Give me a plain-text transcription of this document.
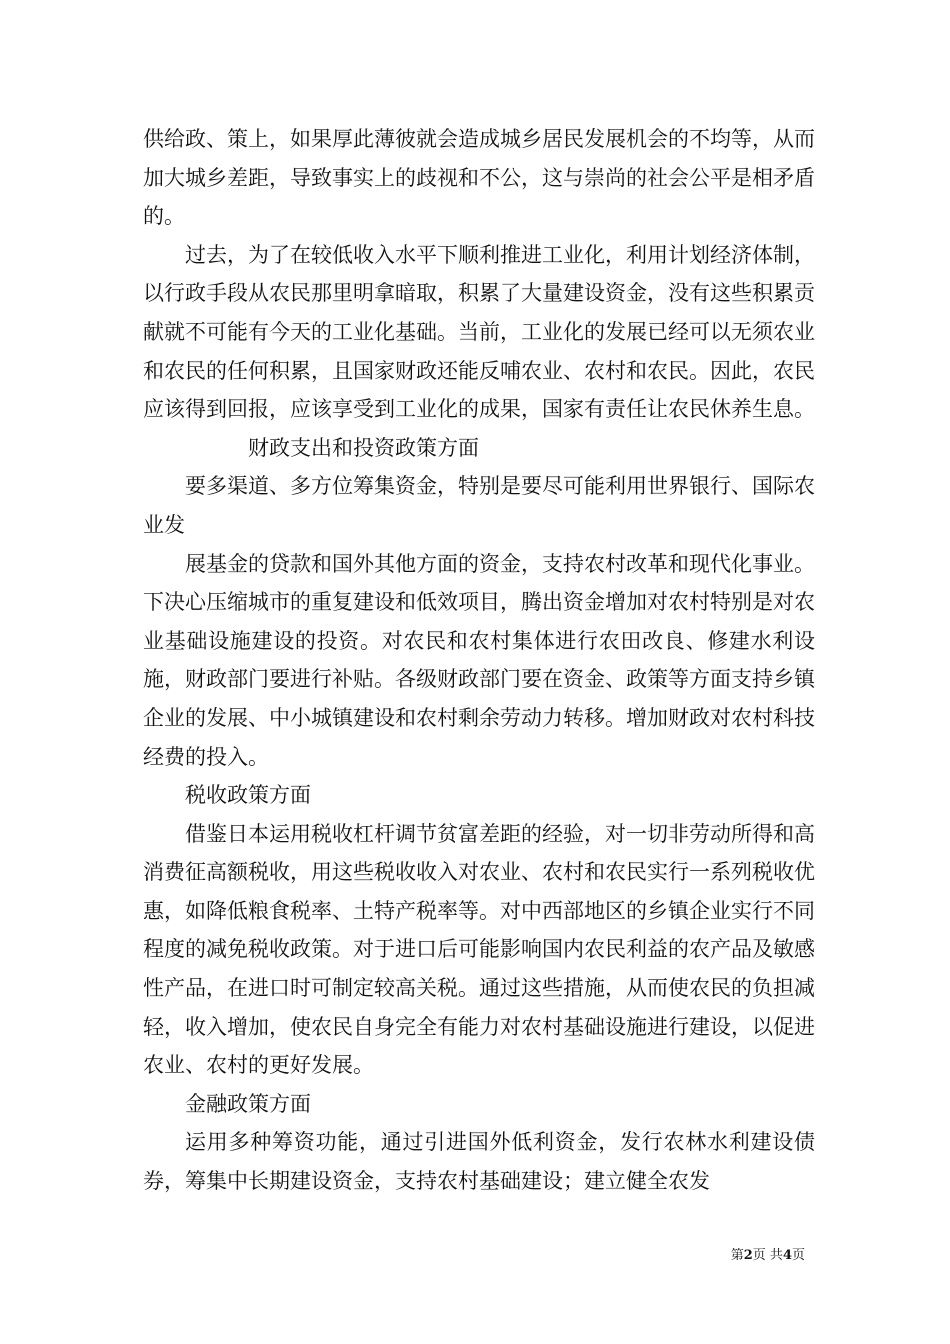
供给政、策上，如果厚此薄彼就会造成城乡居民发展机会的不均等，从而加大城乡差距，导致事实上的歧视和不公，这与崇尚的社会公平是相矛盾的。

过去，为了在较低收入水平下顺利推进工业化，利用计划经济体制，以行政手段从农民那里明拿暗取，积累了大量建设资金，没有这些积累贡献就不可能有今天的工业化基础。当前，工业化的发展已经可以无须农业和农民的任何积累，且国家财政还能反哺农业、农村和农民。因此，农民应该得到回报，应该享受到工业化的成果，国家有责任让农民休养生息。

财政支出和投资政策方面

要多渠道、多方位筹集资金，特别是要尽可能利用世界银行、国际农业发

展基金的贷款和国外其他方面的资金，支持农村改革和现代化事业。下决心压缩城市的重复建设和低效项目，腾出资金增加对农村特别是对农业基础设施建设的投资。对农民和农村集体进行农田改良、修建水利设施，财政部门要进行补贴。各级财政部门要在资金、政策等方面支持乡镇企业的发展、中小城镇建设和农村剩余劳动力转移。增加财政对农村科技经费的投入。

税收政策方面

借鉴日本运用税收杠杆调节贫富差距的经验，对一切非劳动所得和高消费征高额税收，用这些税收收入对农业、农村和农民实行一系列税收优惠，如降低粮食税率、土特产税率等。对中西部地区的乡镇企业实行不同程度的减免税收政策。对于进口后可能影响国内农民利益的农产品及敏感性产品，在进口时可制定较高关税。通过这些措施，从而使农民的负担减轻，收入增加，使农民自身完全有能力对农村基础设施进行建设，以促进农业、农村的更好发展。

金融政策方面

运用多种筹资功能，通过引进国外低利资金，发行农林水利建设债券，筹集中长期建设资金，支持农村基础建设；建立健全农发

第2页 共4页
